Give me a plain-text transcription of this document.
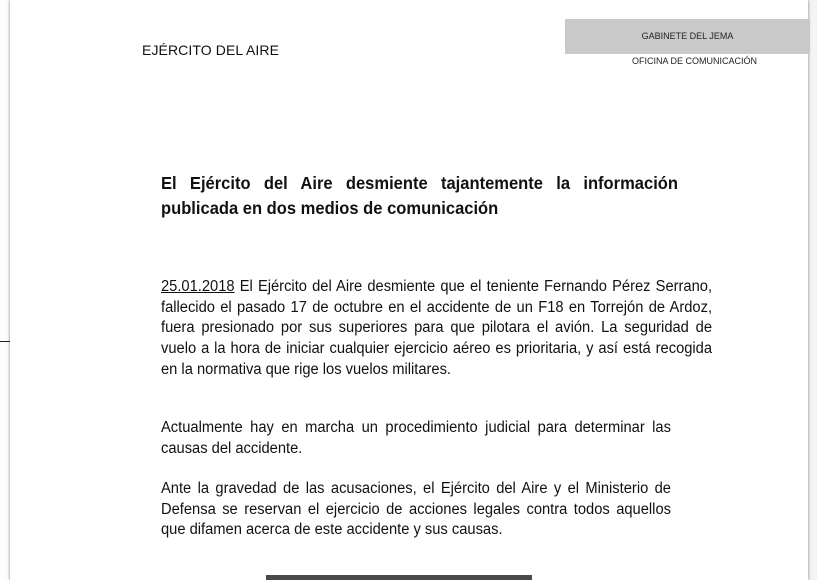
EJÉRCITO DEL AIRE
GABINETE DEL JEMA
OFICINA DE COMUNICACIÓN
El Ejército del Aire desmiente tajantemente la información publicada en dos medios de comunicación
25.01.2018 El Ejército del Aire desmiente que el teniente Fernando Pérez Serrano, fallecido el pasado 17 de octubre en el accidente de un F18 en Torrejón de Ardoz, fuera presionado por sus superiores para que pilotara el avión. La seguridad de vuelo a la hora de iniciar cualquier ejercicio aéreo es prioritaria, y así está recogida en la normativa que rige los vuelos militares.
Actualmente hay en marcha un procedimiento judicial para determinar las causas del accidente.
Ante la gravedad de las acusaciones, el Ejército del Aire y el Ministerio de Defensa se reservan el ejercicio de acciones legales contra todos aquellos que difamen acerca de este accidente y sus causas.
